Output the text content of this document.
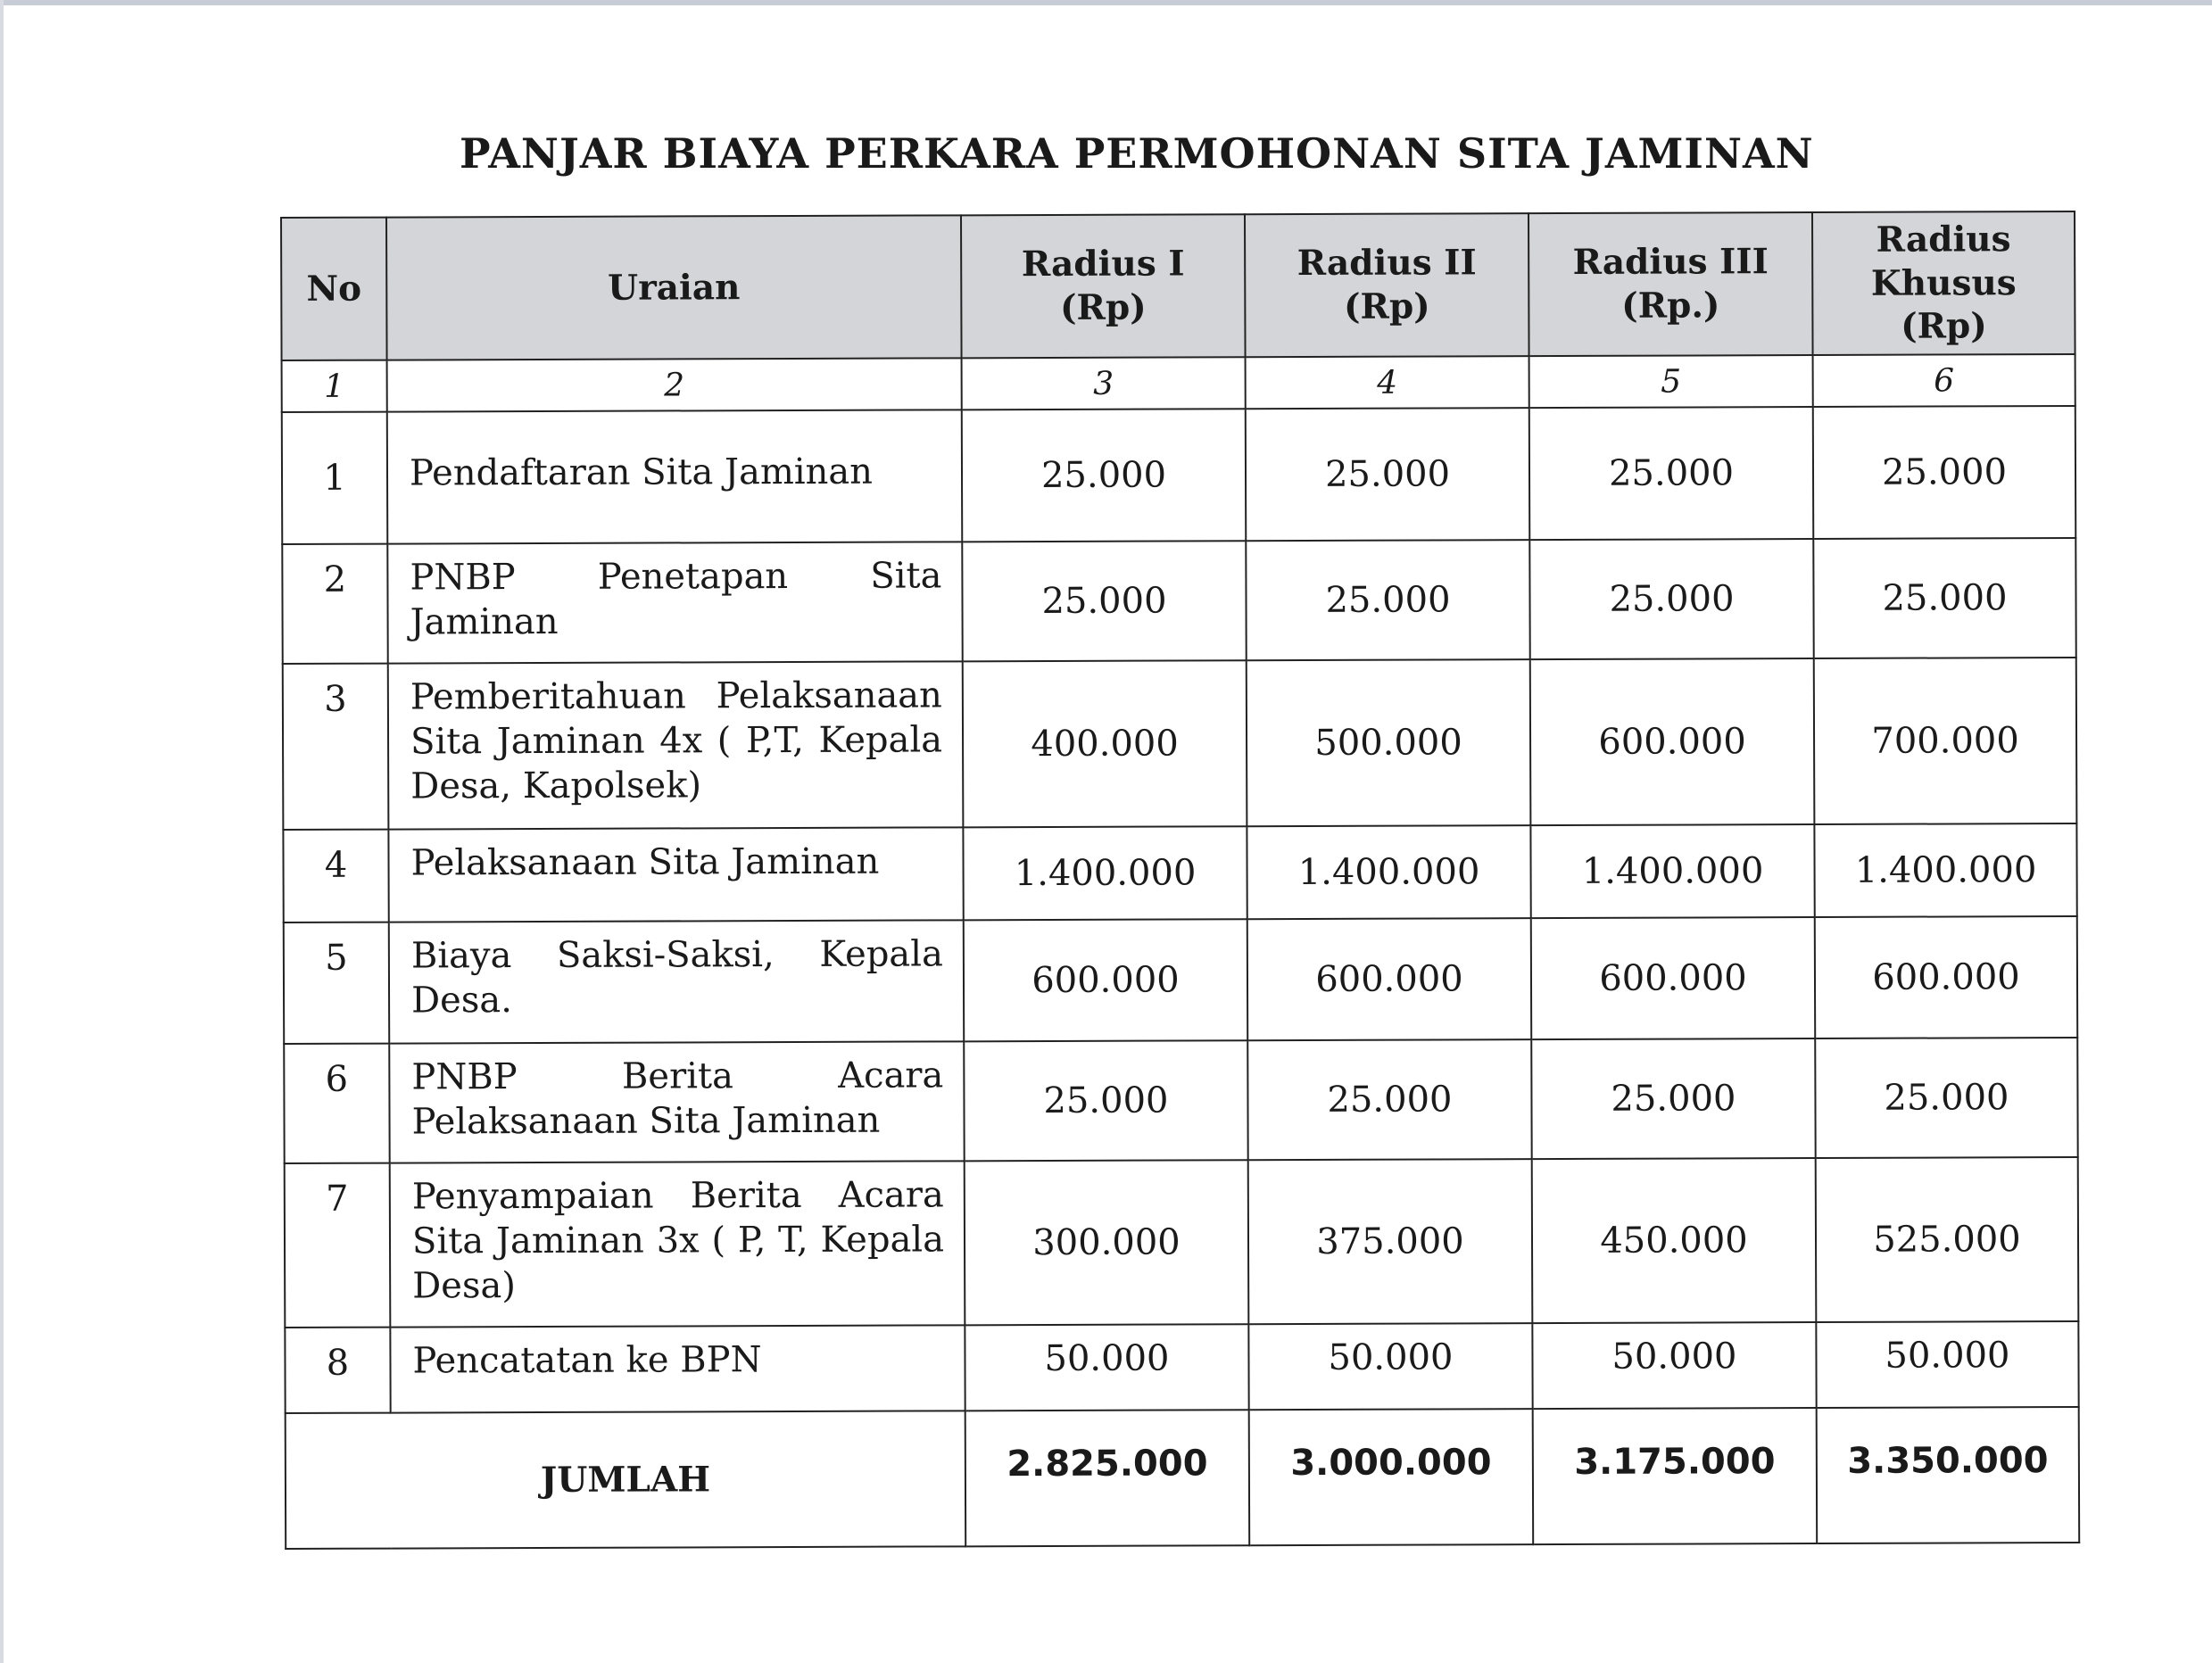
PANJAR BIAYA PERKARA PERMOHONAN SITA JAMINAN
No	Uraian	Radius I (Rp)	Radius II (Rp)	Radius III (Rp.)	Radius Khusus (Rp)
1	2	3	4	5	6
1	Pendaftaran Sita Jaminan	25.000	25.000	25.000	25.000
2	PNBP Penetapan Sita Jaminan	25.000	25.000	25.000	25.000
3	Pemberitahuan Pelaksanaan Sita Jaminan 4x ( P,T, Kepala Desa, Kapolsek)	400.000	500.000	600.000	700.000
4	Pelaksanaan Sita Jaminan	1.400.000	1.400.000	1.400.000	1.400.000
5	Biaya Saksi-Saksi, Kepala Desa.	600.000	600.000	600.000	600.000
6	PNBP Berita Acara Pelaksanaan Sita Jaminan	25.000	25.000	25.000	25.000
7	Penyampaian Berita Acara Sita Jaminan 3x ( P, T, Kepala Desa)	300.000	375.000	450.000	525.000
8	Pencatatan ke BPN	50.000	50.000	50.000	50.000
JUMLAH		2.825.000	3.000.000	3.175.000	3.350.000
